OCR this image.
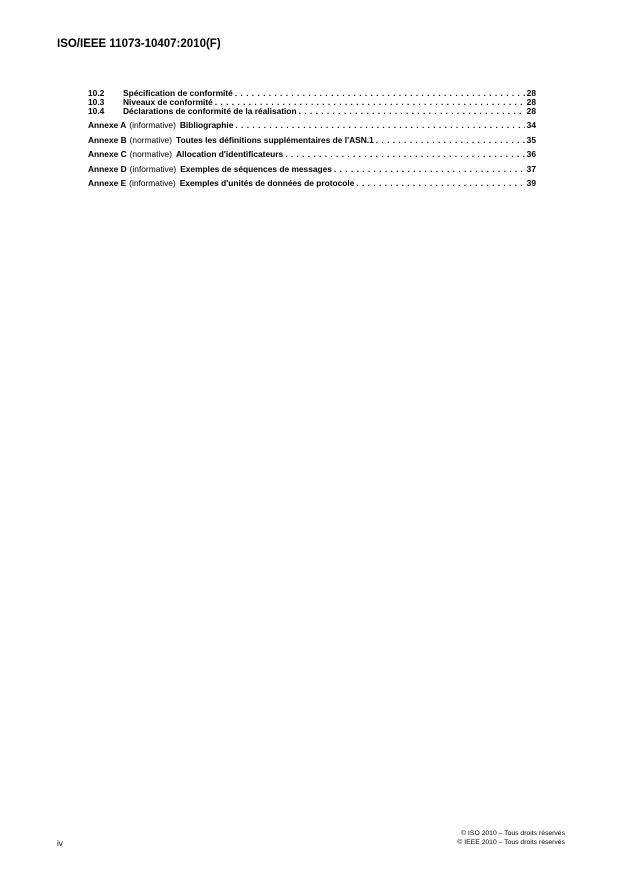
ISO/IEEE 11073-10407:2010(F)
10.2	Spécification de conformité . . .	28
10.3	Niveaux de conformité . . .	28
10.4	Déclarations de conformité de la réalisation . . .	28
Annexe A (informative) Bibliographie . . .	34
Annexe B (normative) Toutes les définitions supplémentaires de l'ASN.1 . . .	35
Annexe C (normative) Allocation d'identificateurs . . .	36
Annexe D (informative) Exemples de séquences de messages . . .	37
Annexe E (informative) Exemples d'unités de données de protocole . . .	39
iv
© ISO 2010 – Tous droits réservés
© IEEE 2010 – Tous droits réservés
